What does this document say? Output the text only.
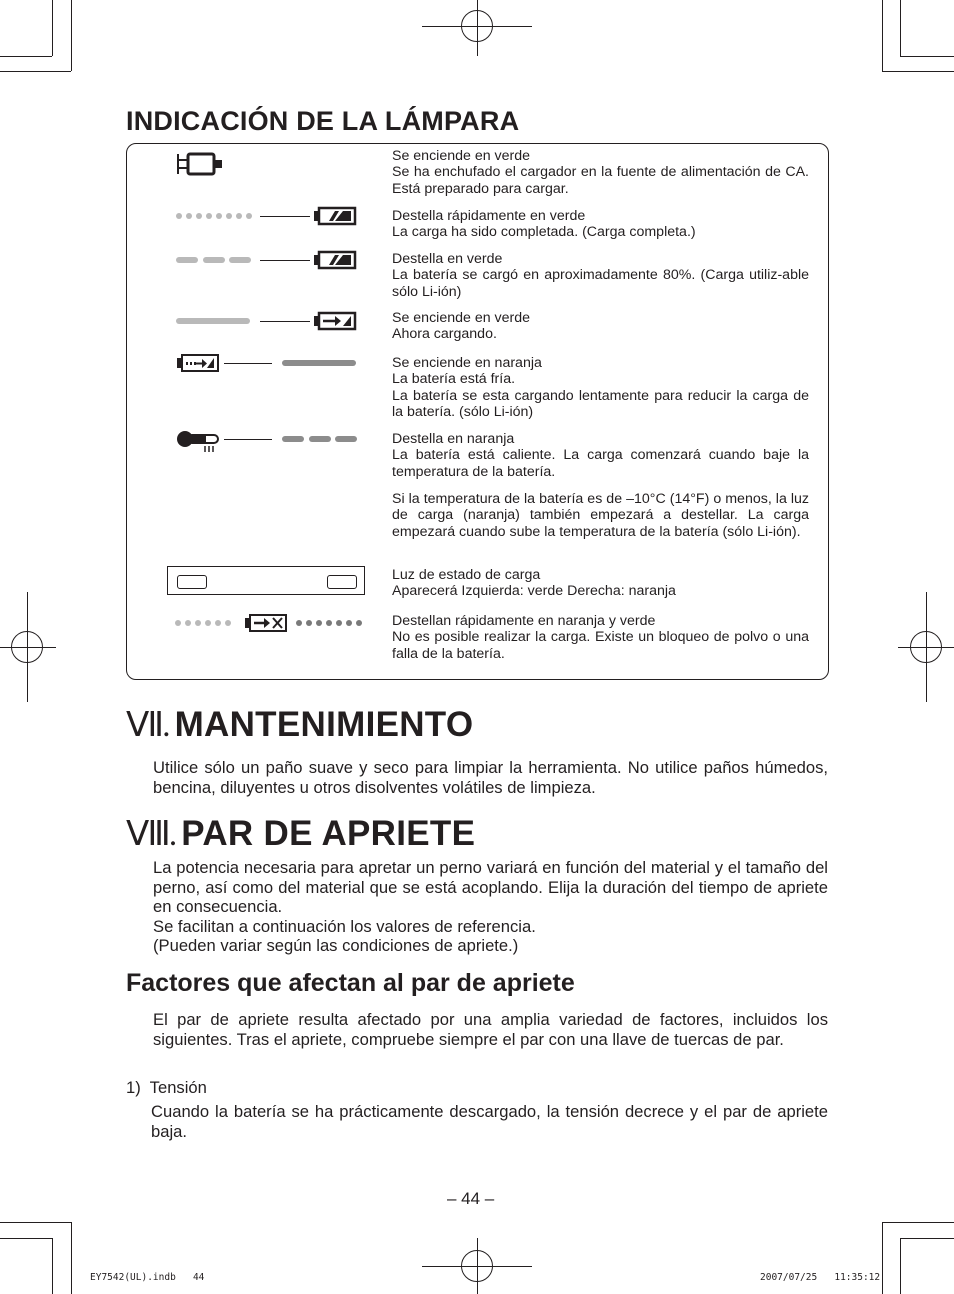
INDICACIÓN DE LA LÁMPARA
Se enciende en verde
Se ha enchufado el cargador en la fuente de alimentación de CA. Está preparado para cargar.
Destella rápidamente en verde
La carga ha sido completada. (Carga completa.)
Destella en verde
La batería se cargó en aproximadamente 80%. (Carga utiliz-able sólo Li-ión)
Se enciende en verde
Ahora cargando.
Se enciende en naranja
La batería está fría.
La batería se esta cargando lentamente para reducir la carga de la batería. (sólo Li-ión)
Destella en naranja
La batería está caliente. La carga comenzará cuando baje la temperatura de la batería.
Si la temperatura de la batería es de –10°C (14°F) o menos, la luz de carga (naranja) también empezará a destellar. La carga empezará cuando sube la temperatura de la batería (sólo Li-ión).
Luz de estado de carga
Aparecerá Izquierda: verde Derecha: naranja
Destellan rápidamente en naranja y verde
No es posible realizar la carga. Existe un bloqueo de polvo o una falla de la batería.
Ⅶ. MANTENIMIENTO
Utilice sólo un paño suave y seco para limpiar la herramienta. No utilice paños húmedos, bencina, diluyentes u otros disolventes volátiles de limpieza.
Ⅷ. PAR DE APRIETE
La potencia necesaria para apretar un perno variará en función del material y el tamaño del perno, así como del material que se está acoplando. Elija la duración del tiempo de apriete en consecuencia.
Se facilitan a continuación los valores de referencia.
(Pueden variar según las condiciones de apriete.)
Factores que afectan al par de apriete
El par de apriete resulta afectado por una amplia variedad de factores, incluidos los siguientes. Tras el apriete, compruebe siempre el par con una llave de tuercas de par.
1)  Tensión
Cuando la batería se ha prácticamente descargado, la tensión decrece y el par de apriete baja.
– 44 –
EY7542(UL).indb   44	2007/07/25   11:35:12
